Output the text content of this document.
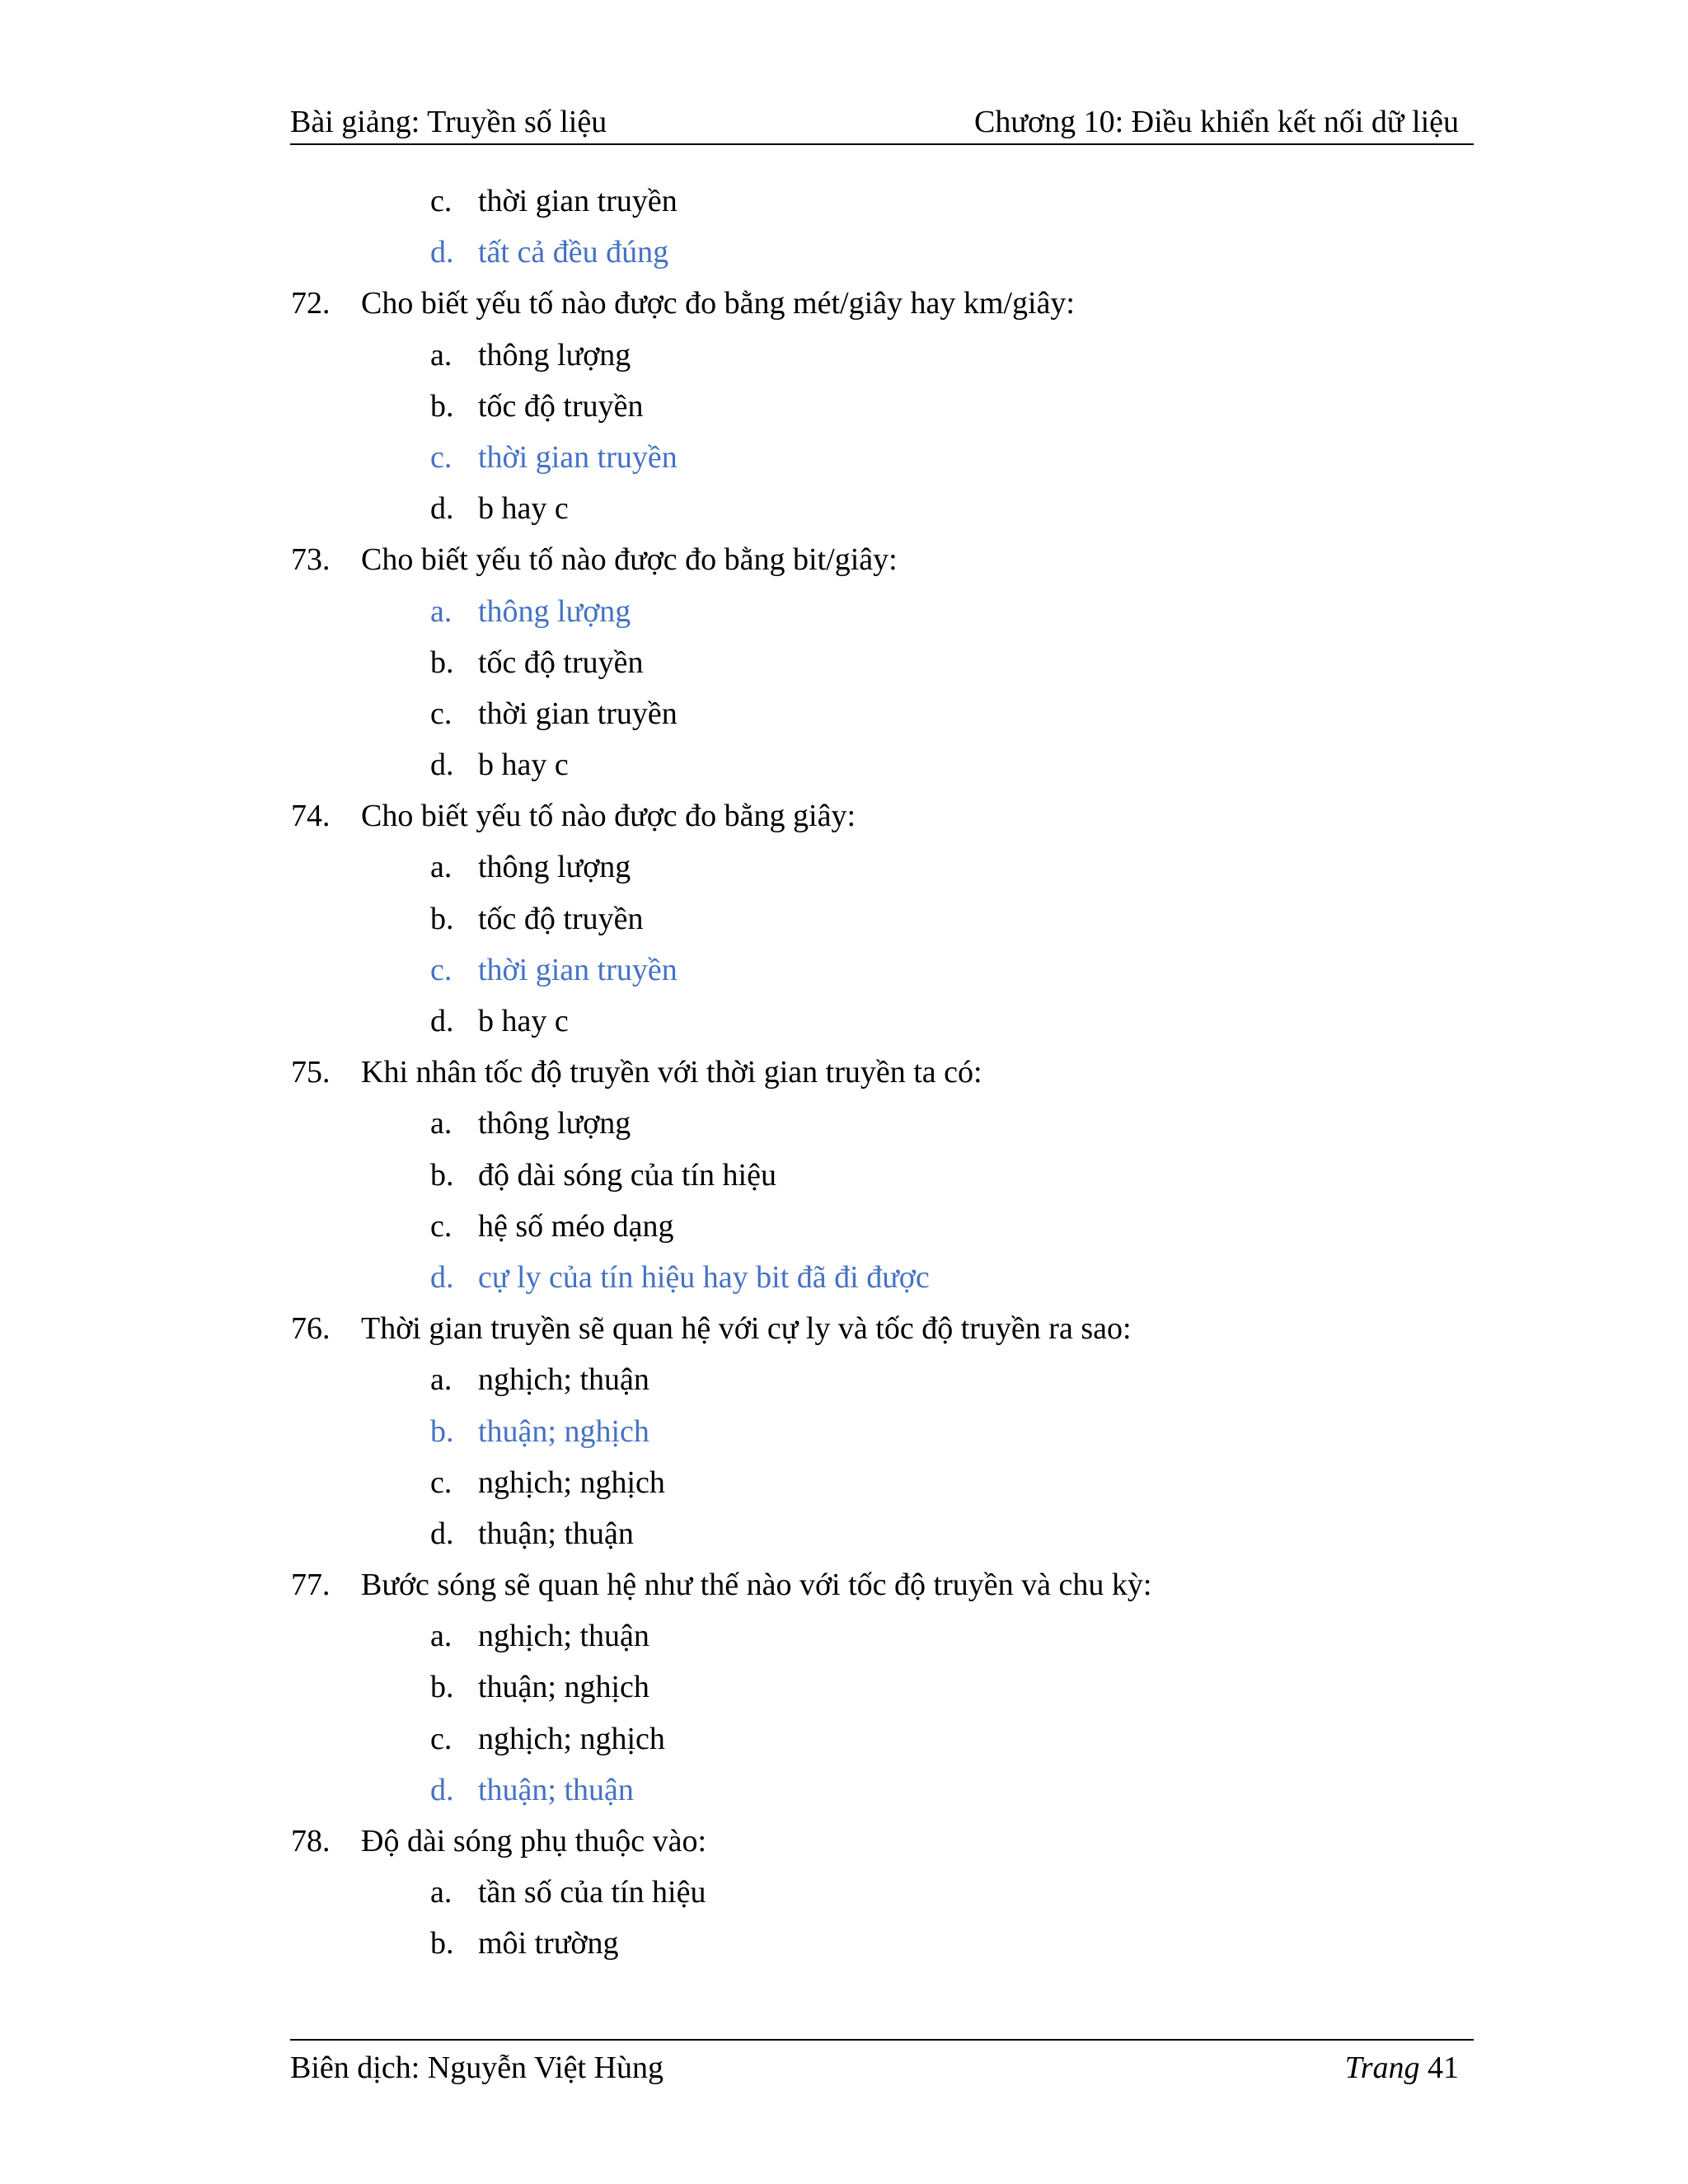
Bài giảng: Truyền số liệu	Chương 10: Điều khiển kết nối dữ liệu
c. thời gian truyền
d. tất cả đều đúng
72. Cho biết yếu tố nào được đo bằng mét/giây hay km/giây:
a. thông lượng
b. tốc độ truyền
c. thời gian truyền
d. b hay c
73. Cho biết yếu tố nào được đo bằng bit/giây:
a. thông lượng
b. tốc độ truyền
c. thời gian truyền
d. b hay c
74. Cho biết yếu tố nào được đo bằng giây:
a. thông lượng
b. tốc độ truyền
c. thời gian truyền
d. b hay c
75. Khi nhân tốc độ truyền với thời gian truyền ta có:
a. thông lượng
b. độ dài sóng của tín hiệu
c. hệ số méo dạng
d. cự ly của tín hiệu hay bit đã đi được
76. Thời gian truyền sẽ quan hệ với cự ly và tốc độ truyền ra sao:
a. nghịch; thuận
b. thuận; nghịch
c. nghịch; nghịch
d. thuận; thuận
77. Bước sóng sẽ quan hệ như thế nào với tốc độ truyền và chu kỳ:
a. nghịch; thuận
b. thuận; nghịch
c. nghịch; nghịch
d. thuận; thuận
78. Độ dài sóng phụ thuộc vào:
a. tần số của tín hiệu
b. môi trường
Biên dịch: Nguyễn Việt Hùng	Trang 41
